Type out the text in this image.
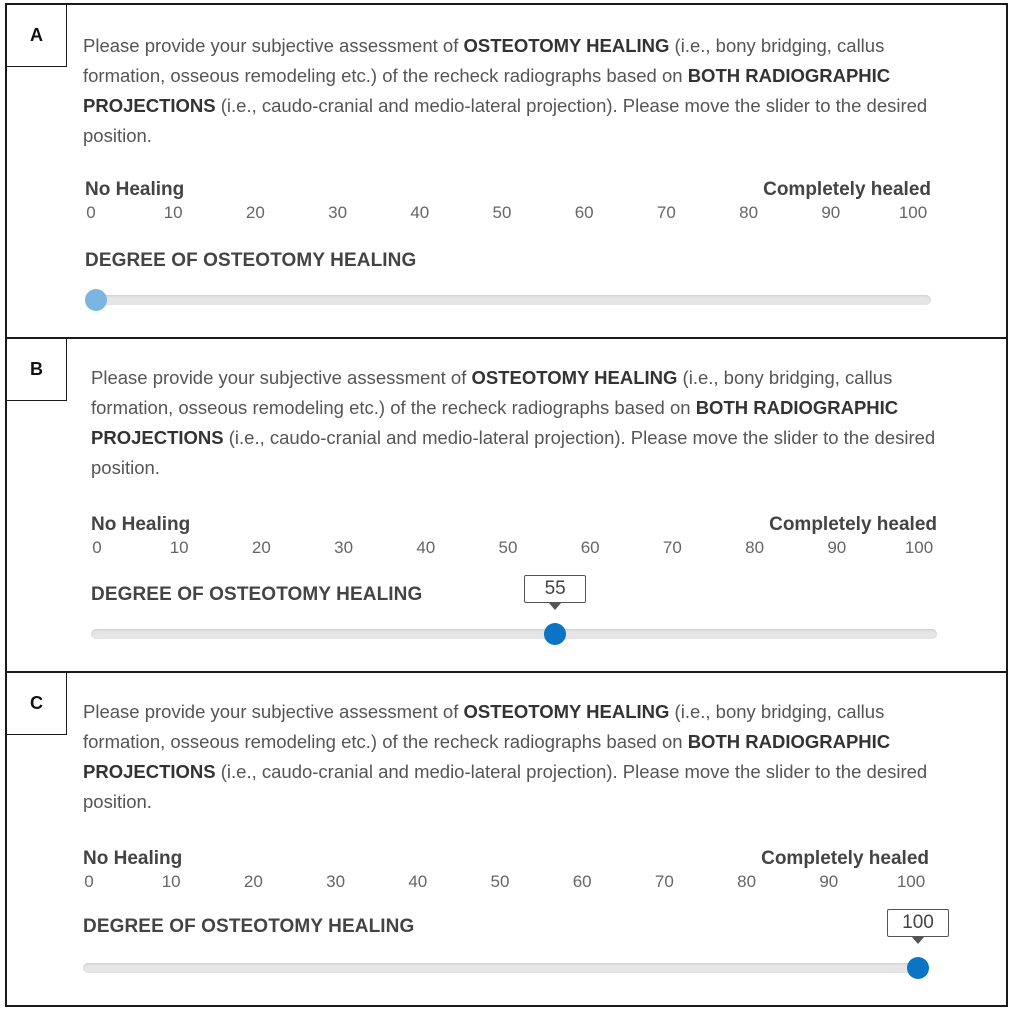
A	Please provide your subjective assessment of OSTEOTOMY HEALING (i.e., bony bridging, callus formation, osseous remodeling etc.) of the recheck radiographs based on BOTH RADIOGRAPHIC PROJECTIONS (i.e., caudo-cranial and medio-lateral projection). Please move the slider to the desired position.

No Healing	Completely healed
0	10	20	30	40	50	60	70	80	90	100
DEGREE OF OSTEOTOMY HEALING
B	Please provide your subjective assessment of OSTEOTOMY HEALING (i.e., bony bridging, callus formation, osseous remodeling etc.) of the recheck radiographs based on BOTH RADIOGRAPHIC PROJECTIONS (i.e., caudo-cranial and medio-lateral projection). Please move the slider to the desired position.

No Healing	Completely healed
0	10	20	30	40	50	60	70	80	90	100
DEGREE OF OSTEOTOMY HEALING	55
C	Please provide your subjective assessment of OSTEOTOMY HEALING (i.e., bony bridging, callus formation, osseous remodeling etc.) of the recheck radiographs based on BOTH RADIOGRAPHIC PROJECTIONS (i.e., caudo-cranial and medio-lateral projection). Please move the slider to the desired position.

No Healing	Completely healed
0	10	20	30	40	50	60	70	80	90	100
DEGREE OF OSTEOTOMY HEALING	100
